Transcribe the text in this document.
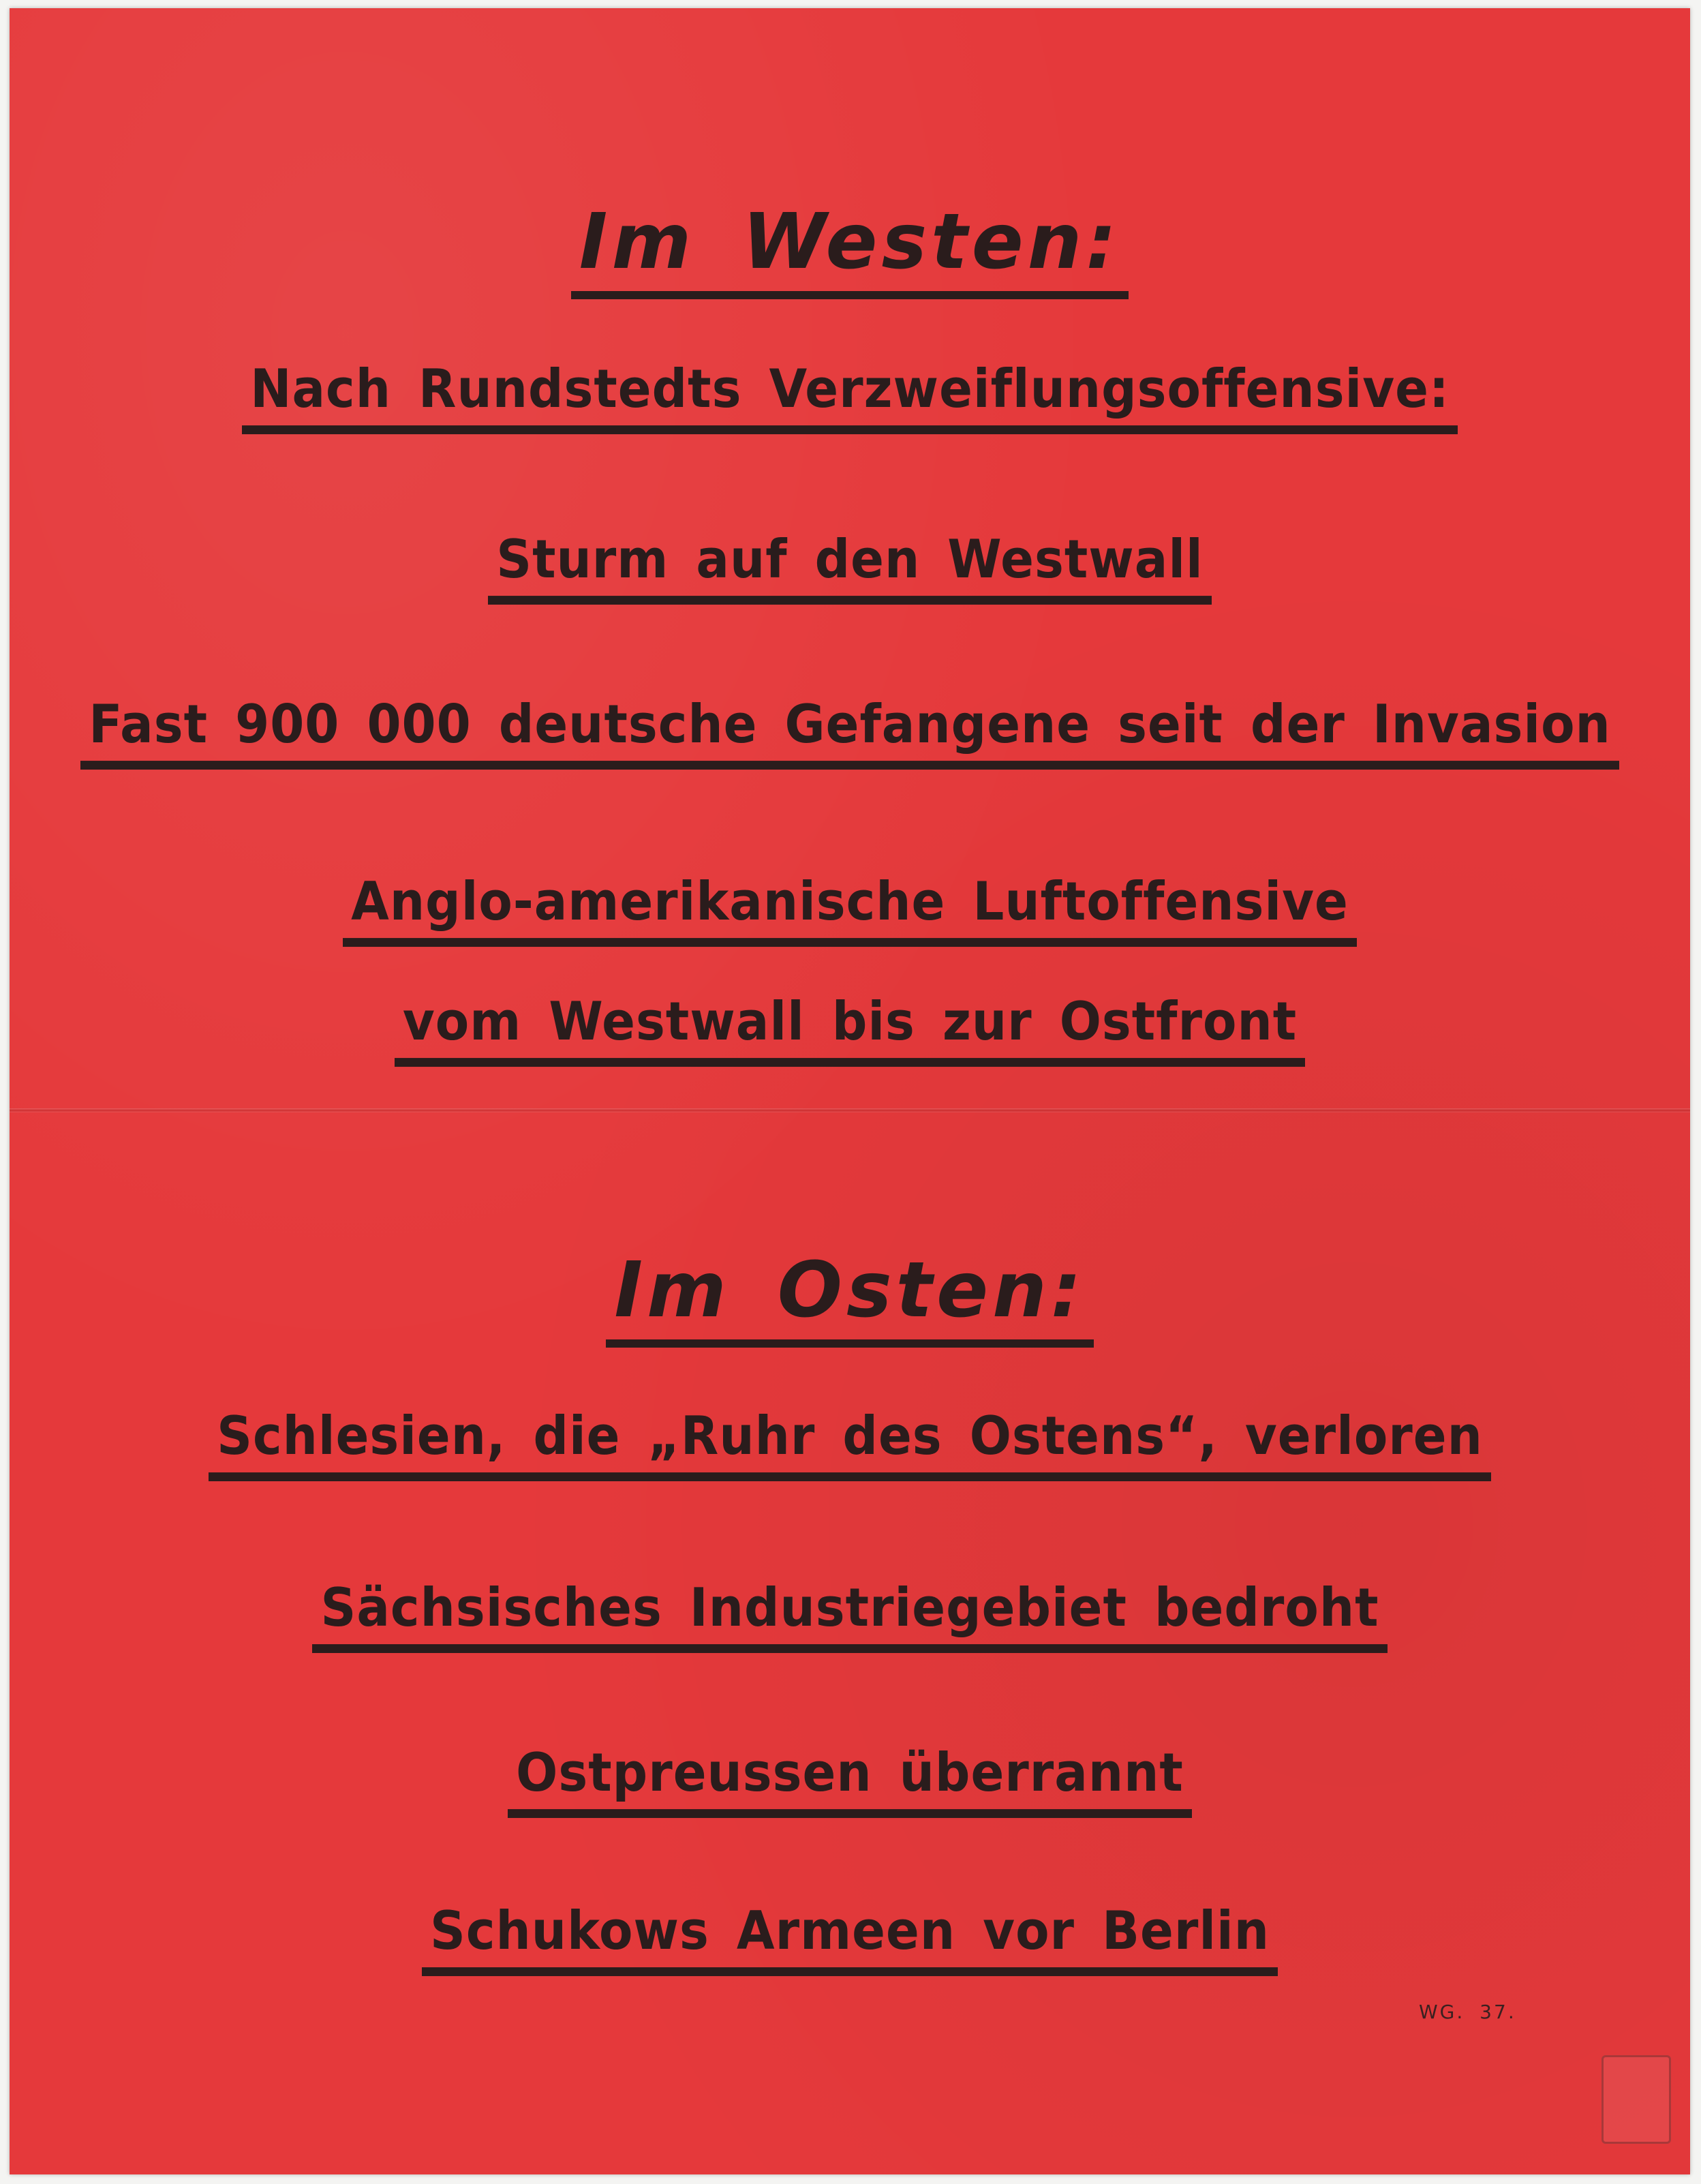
Im Westen:
Nach Rundstedts Verzweiflungsoffensive:
Sturm auf den Westwall
Fast 900 000 deutsche Gefangene seit der Invasion
Anglo-amerikanische Luftoffensive
vom Westwall bis zur Ostfront
Im Osten:
Schlesien, die „Ruhr des Ostens“, verloren
Sächsisches Industriegebiet bedroht
Ostpreussen überrannt
Schukows Armeen vor Berlin
WG. 37.
